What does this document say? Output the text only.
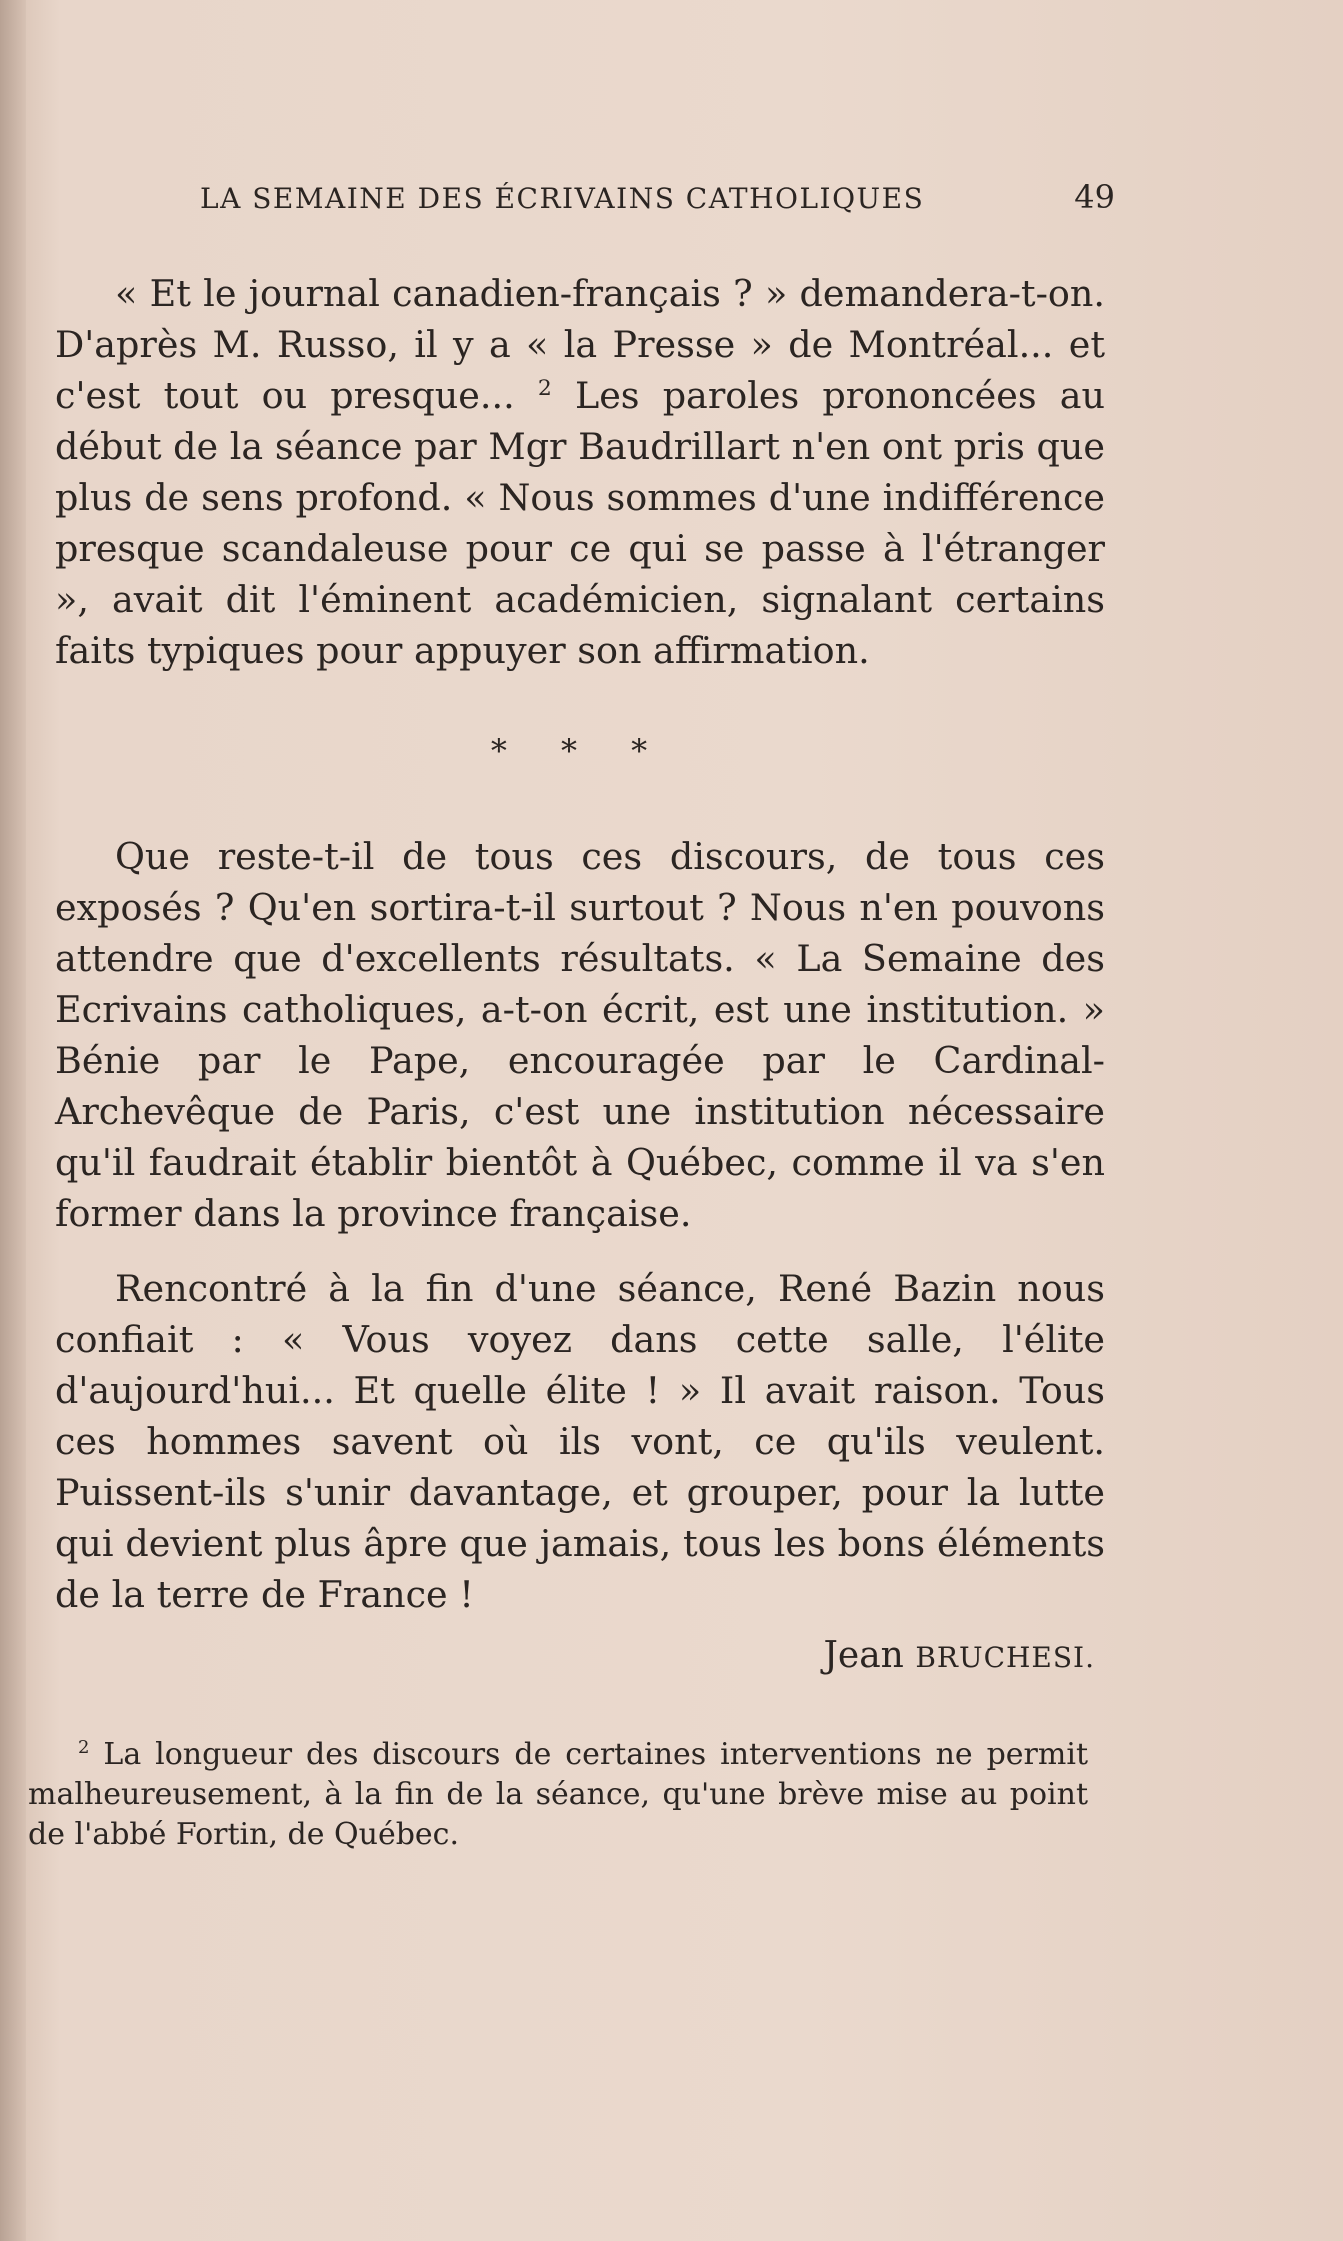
LA SEMAINE DES ÉCRIVAINS CATHOLIQUES	49

« Et le journal canadien-français ? » demandera-t-on. D'après M. Russo, il y a « la Presse » de Montréal... et c'est tout ou presque... $^2$ Les paroles prononcées au début de la séance par Mgr Baudrillart n'en ont pris que plus de sens profond. « Nous sommes d'une indifférence presque scandaleuse pour ce qui se passe à l'étranger », avait dit l'éminent académicien, signalant certains faits typiques pour appuyer son affirmation.

* * *

Que reste-t-il de tous ces discours, de tous ces exposés ? Qu'en sortira-t-il surtout ? Nous n'en pouvons attendre que d'excellents résultats. « La Semaine des Ecrivains catholiques, a-t-on écrit, est une institution. » Bénie par le Pape, encouragée par le Cardinal-Archevêque de Paris, c'est une institution nécessaire qu'il faudrait établir bientôt à Québec, comme il va s'en former dans la province française.

Rencontré à la fin d'une séance, René Bazin nous confiait : « Vous voyez dans cette salle, l'élite d'aujourd'hui... Et quelle élite ! » Il avait raison. Tous ces hommes savent où ils vont, ce qu'ils veulent. Puissent-ils s'unir davantage, et grouper, pour la lutte qui devient plus âpre que jamais, tous les bons éléments de la terre de France !

Jean BRUCHESI.
$^2$ La longueur des discours de certaines interventions ne permit malheureusement, à la fin de la séance, qu'une brève mise au point de l'abbé Fortin, de Québec.
